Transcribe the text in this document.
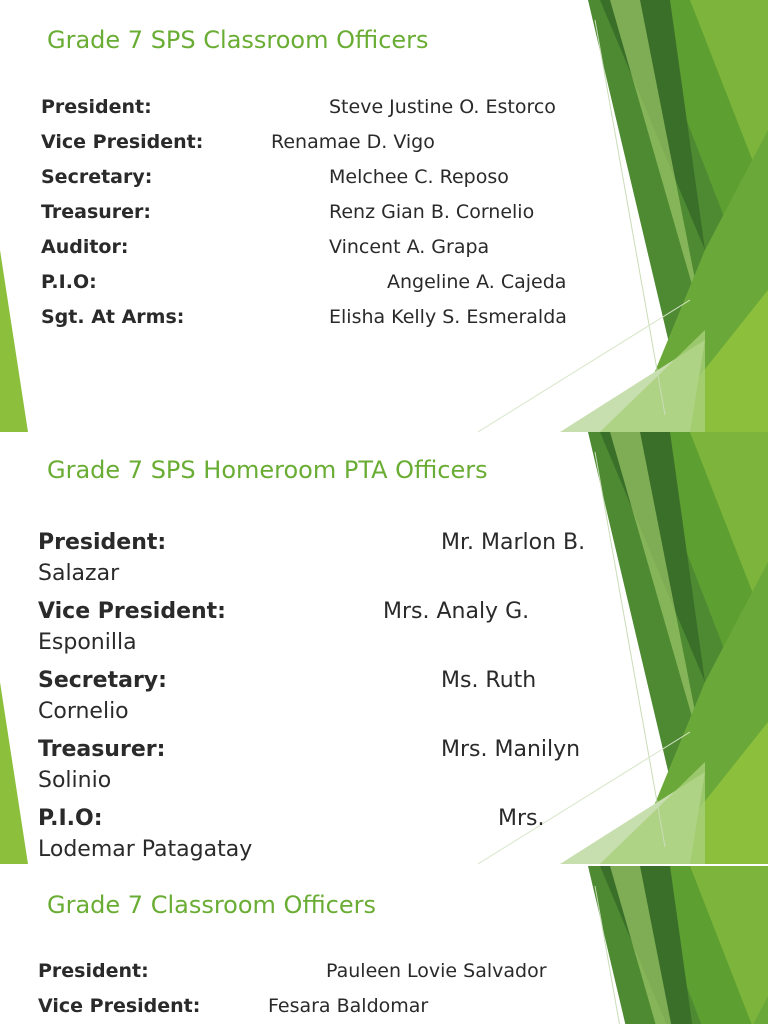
Grade 7 SPS Classroom Officers
President:	Steve Justine O. Estorco
Vice President:	Renamae D. Vigo
Secretary:	Melchee C. Reposo
Treasurer:	Renz Gian B. Cornelio
Auditor:	Vincent A. Grapa
P.I.O:	Angeline A. Cajeda
Sgt. At Arms:	Elisha Kelly S. Esmeralda
Grade 7 SPS Homeroom PTA Officers
President:	Mr. Marlon B.
Salazar
Vice President:	Mrs. Analy G.
Esponilla
Secretary:	Ms. Ruth
Cornelio
Treasurer:	Mrs. Manilyn
Solinio
P.I.O:	Mrs.
Lodemar Patagatay
Grade 7 Classroom Officers
President:	Pauleen Lovie Salvador
Vice President:	Fesara Baldomar
